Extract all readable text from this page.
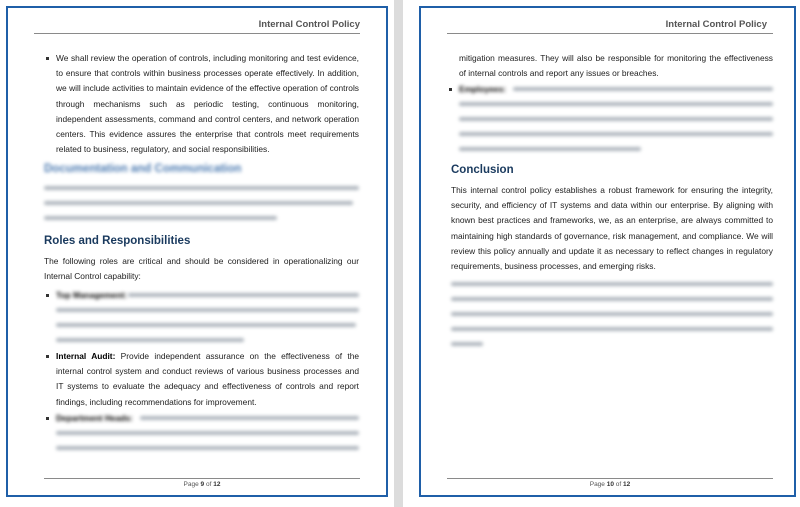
Internal Control Policy
We shall review the operation of controls, including monitoring and test evidence, to ensure that controls within business processes operate effectively. In addition, we will include activities to maintain evidence of the effective operation of controls through mechanisms such as periodic testing, continuous monitoring, independent assessments, command and control centers, and network operation centers. This evidence assures the enterprise that controls meet requirements related to business, regulatory, and social responsibilities.
Documentation and Communication
Roles and Responsibilities
The following roles are critical and should be considered in operationalizing our Internal Control capability:
Top Management:
Internal Audit: Provide independent assurance on the effectiveness of the internal control system and conduct reviews of various business processes and IT systems to evaluate the adequacy and effectiveness of controls and report findings, including recommendations for improvement.
Department Heads:
Page 9 of 12
Internal Control Policy
mitigation measures. They will also be responsible for monitoring the effectiveness of internal controls and report any issues or breaches.
Employees:
Conclusion
This internal control policy establishes a robust framework for ensuring the integrity, security, and efficiency of IT systems and data within our enterprise. By aligning with known best practices and frameworks, we, as an enterprise, are always committed to maintaining high standards of governance, risk management, and compliance. We will review this policy annually and update it as necessary to reflect changes in regulatory requirements, business processes, and emerging risks.
Page 10 of 12
